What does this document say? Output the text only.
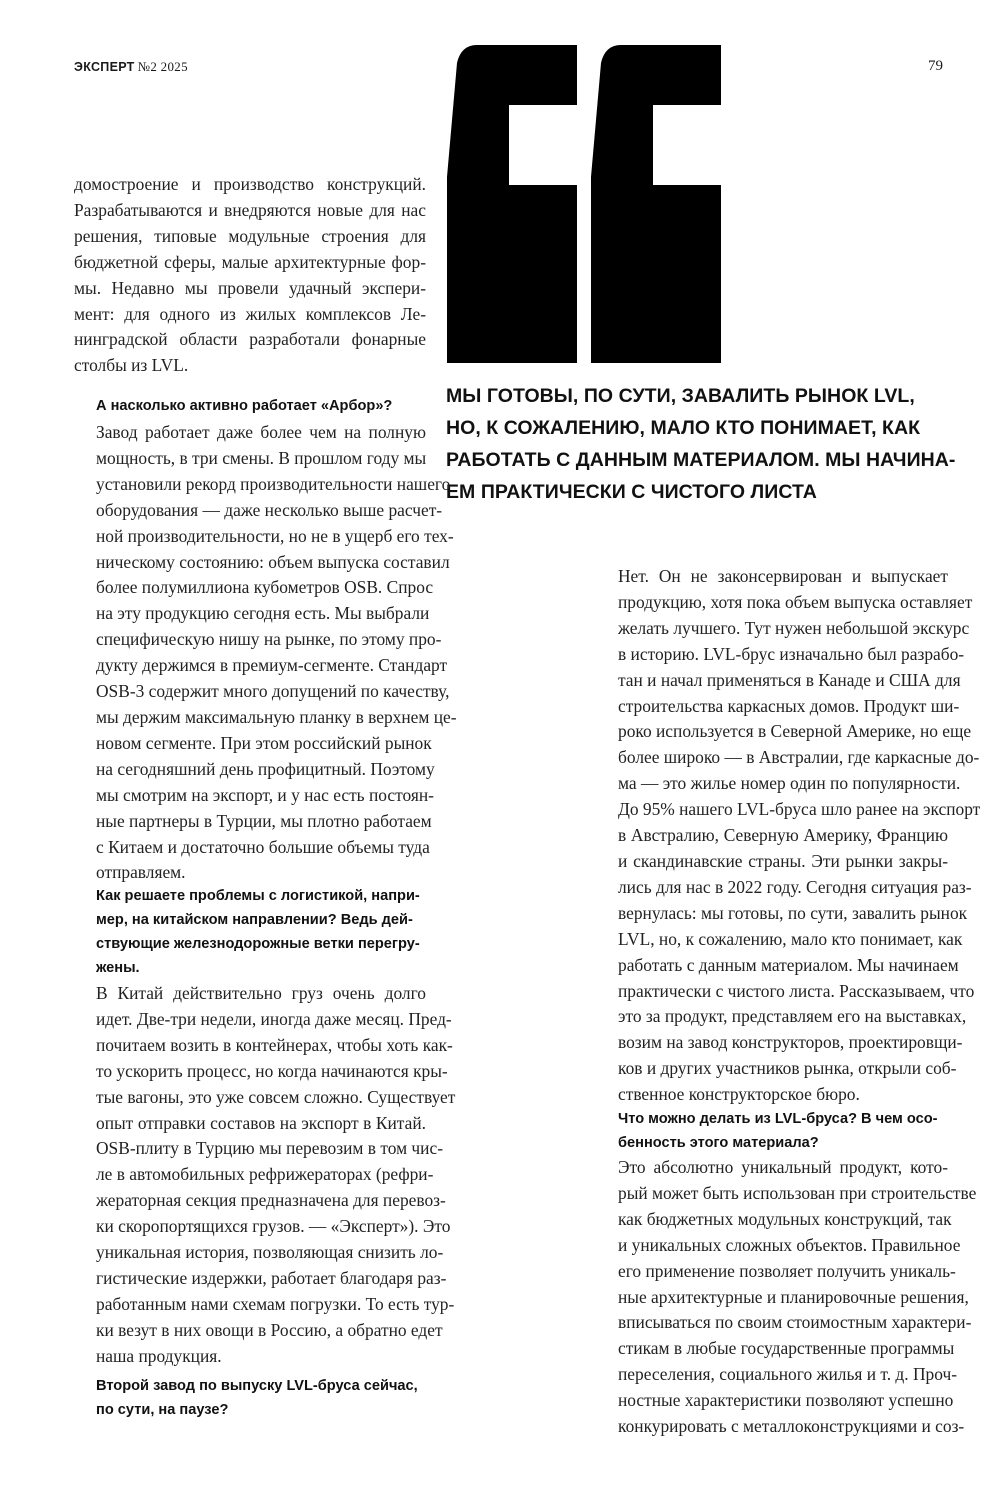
ЭКСПЕРТ №2 2025	79
МЫ ГОТОВЫ, ПО СУТИ, ЗАВАЛИТЬ РЫНОК LVL,
НО, К СОЖАЛЕНИЮ, МАЛО КТО ПОНИМАЕТ, КАК
РАБОТАТЬ С ДАННЫМ МАТЕРИАЛОМ. МЫ НАЧИНА-
ЕМ ПРАКТИЧЕСКИ С ЧИСТОГО ЛИСТА

домостроение и производство конструкций.
Разрабатываются и внедряются новые для нас
решения, типовые модульные строения для
бюджетной сферы, малые архитектурные фор-
мы. Недавно мы провели удачный экспери-
мент: для одного из жилых комплексов Ле-
нинградской области разработали фонарные
столбы из LVL.

А насколько активно работает «Арбор»?

Завод работает даже более чем на полную
мощность, в три смены. В прошлом году мы
установили рекорд производительности нашего
оборудования — даже несколько выше расчет-
ной производительности, но не в ущерб его тех-
ническому состоянию: объем выпуска составил
более полумиллиона кубометров OSB. Спрос
на эту продукцию сегодня есть. Мы выбрали
специфическую нишу на рынке, по этому про-
дукту держимся в премиум-сегменте. Стандарт
OSB-3 содержит много допущений по качеству,
мы держим максимальную планку в верхнем це-
новом сегменте. При этом российский рынок
на сегодняшний день профицитный. Поэтому
мы смотрим на экспорт, и у нас есть постоян-
ные партнеры в Турции, мы плотно работаем
с Китаем и достаточно большие объемы туда
отправляем.

Как решаете проблемы с логистикой, напри-
мер, на китайском направлении? Ведь дей-
ствующие железнодорожные ветки перегру-
жены.

В Китай действительно груз очень долго
идет. Две-три недели, иногда даже месяц. Пред-
почитаем возить в контейнерах, чтобы хоть как-
то ускорить процесс, но когда начинаются кры-
тые вагоны, это уже совсем сложно. Существует
опыт отправки составов на экспорт в Китай.
OSB-плиту в Турцию мы перевозим в том чис-
ле в автомобильных рефрижераторах (рефри-
жераторная секция предназначена для перевоз-
ки скоропортящихся грузов. — «Эксперт»). Это
уникальная история, позволяющая снизить ло-
гистические издержки, работает благодаря раз-
работанным нами схемам погрузки. То есть тур-
ки везут в них овощи в Россию, а обратно едет
наша продукция.

Второй завод по выпуску LVL-бруса сейчас,
по сути, на паузе?

Нет. Он не законсервирован и выпускает
продукцию, хотя пока объем выпуска оставляет
желать лучшего. Тут нужен небольшой экскурс
в историю. LVL-брус изначально был разрабо-
тан и начал применяться в Канаде и США для
строительства каркасных домов. Продукт ши-
роко используется в Северной Америке, но еще
более широко — в Австралии, где каркасные до-
ма — это жилье номер один по популярности.
До 95% нашего LVL-бруса шло ранее на экспорт
в Австралию, Северную Америку, Францию
и скандинавские страны. Эти рынки закры-
лись для нас в 2022 году. Сегодня ситуация раз-
вернулась: мы готовы, по сути, завалить рынок
LVL, но, к сожалению, мало кто понимает, как
работать с данным материалом. Мы начинаем
практически с чистого листа. Рассказываем, что
это за продукт, представляем его на выставках,
возим на завод конструкторов, проектировщи-
ков и других участников рынка, открыли соб-
ственное конструкторское бюро.

Что можно делать из LVL-бруса? В чем осо-
бенность этого материала?

Это абсолютно уникальный продукт, кото-
рый может быть использован при строительстве
как бюджетных модульных конструкций, так
и уникальных сложных объектов. Правильное
его применение позволяет получить уникаль-
ные архитектурные и планировочные решения,
вписываться по своим стоимостным характери-
стикам в любые государственные программы
переселения, социального жилья и т. д. Проч-
ностные характеристики позволяют успешно
конкурировать с металлоконструкциями и соз-
